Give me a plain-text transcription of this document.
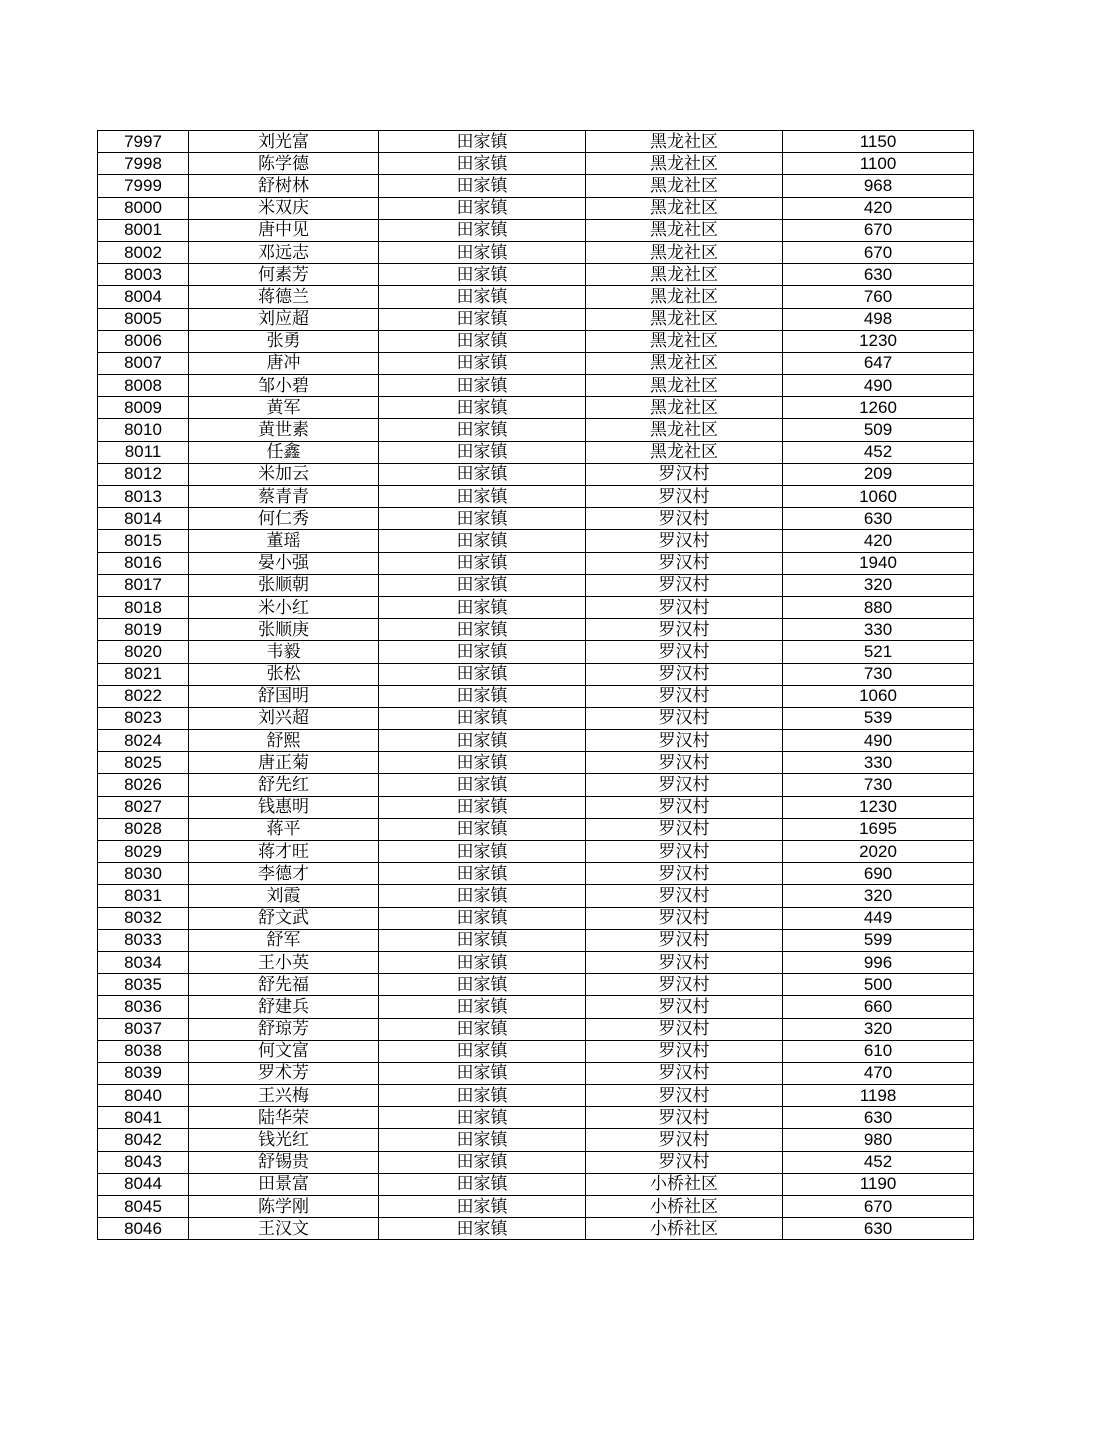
7997	刘光富	田家镇	黑龙社区	1150
7998	陈学德	田家镇	黑龙社区	1100
7999	舒树林	田家镇	黑龙社区	968
8000	米双庆	田家镇	黑龙社区	420
8001	唐中见	田家镇	黑龙社区	670
8002	邓远志	田家镇	黑龙社区	670
8003	何素芳	田家镇	黑龙社区	630
8004	蒋德兰	田家镇	黑龙社区	760
8005	刘应超	田家镇	黑龙社区	498
8006	张勇	田家镇	黑龙社区	1230
8007	唐冲	田家镇	黑龙社区	647
8008	邹小碧	田家镇	黑龙社区	490
8009	黄军	田家镇	黑龙社区	1260
8010	黄世素	田家镇	黑龙社区	509
8011	任鑫	田家镇	黑龙社区	452
8012	米加云	田家镇	罗汉村	209
8013	蔡青青	田家镇	罗汉村	1060
8014	何仁秀	田家镇	罗汉村	630
8015	董瑶	田家镇	罗汉村	420
8016	晏小强	田家镇	罗汉村	1940
8017	张顺朝	田家镇	罗汉村	320
8018	米小红	田家镇	罗汉村	880
8019	张顺庚	田家镇	罗汉村	330
8020	韦毅	田家镇	罗汉村	521
8021	张松	田家镇	罗汉村	730
8022	舒国明	田家镇	罗汉村	1060
8023	刘兴超	田家镇	罗汉村	539
8024	舒熙	田家镇	罗汉村	490
8025	唐正菊	田家镇	罗汉村	330
8026	舒先红	田家镇	罗汉村	730
8027	钱惠明	田家镇	罗汉村	1230
8028	蒋平	田家镇	罗汉村	1695
8029	蒋才旺	田家镇	罗汉村	2020
8030	李德才	田家镇	罗汉村	690
8031	刘霞	田家镇	罗汉村	320
8032	舒文武	田家镇	罗汉村	449
8033	舒军	田家镇	罗汉村	599
8034	王小英	田家镇	罗汉村	996
8035	舒先福	田家镇	罗汉村	500
8036	舒建兵	田家镇	罗汉村	660
8037	舒琼芳	田家镇	罗汉村	320
8038	何文富	田家镇	罗汉村	610
8039	罗术芳	田家镇	罗汉村	470
8040	王兴梅	田家镇	罗汉村	1198
8041	陆华荣	田家镇	罗汉村	630
8042	钱光红	田家镇	罗汉村	980
8043	舒锡贵	田家镇	罗汉村	452
8044	田景富	田家镇	小桥社区	1190
8045	陈学刚	田家镇	小桥社区	670
8046	王汉文	田家镇	小桥社区	630
